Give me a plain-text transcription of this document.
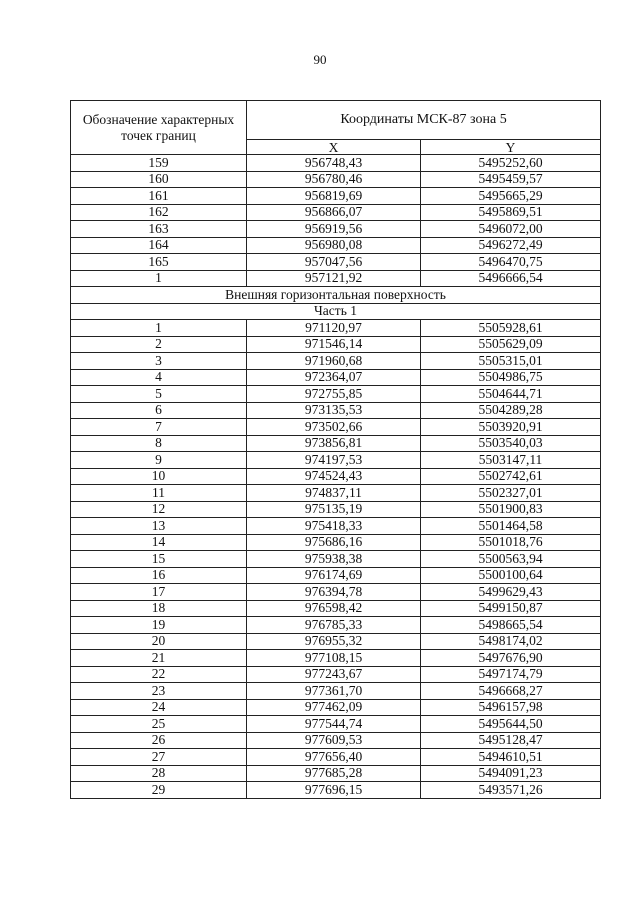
90
Обозначение характерных точек границ	Координаты МСК-87 зона 5	
	X	Y
159	956748,43	5495252,60
160	956780,46	5495459,57
161	956819,69	5495665,29
162	956866,07	5495869,51
163	956919,56	5496072,00
164	956980,08	5496272,49
165	957047,56	5496470,75
1	957121,92	5496666,54
Внешняя горизонтальная поверхность		
Часть 1		
1	971120,97	5505928,61
2	971546,14	5505629,09
3	971960,68	5505315,01
4	972364,07	5504986,75
5	972755,85	5504644,71
6	973135,53	5504289,28
7	973502,66	5503920,91
8	973856,81	5503540,03
9	974197,53	5503147,11
10	974524,43	5502742,61
11	974837,11	5502327,01
12	975135,19	5501900,83
13	975418,33	5501464,58
14	975686,16	5501018,76
15	975938,38	5500563,94
16	976174,69	5500100,64
17	976394,78	5499629,43
18	976598,42	5499150,87
19	976785,33	5498665,54
20	976955,32	5498174,02
21	977108,15	5497676,90
22	977243,67	5497174,79
23	977361,70	5496668,27
24	977462,09	5496157,98
25	977544,74	5495644,50
26	977609,53	5495128,47
27	977656,40	5494610,51
28	977685,28	5494091,23
29	977696,15	5493571,26
